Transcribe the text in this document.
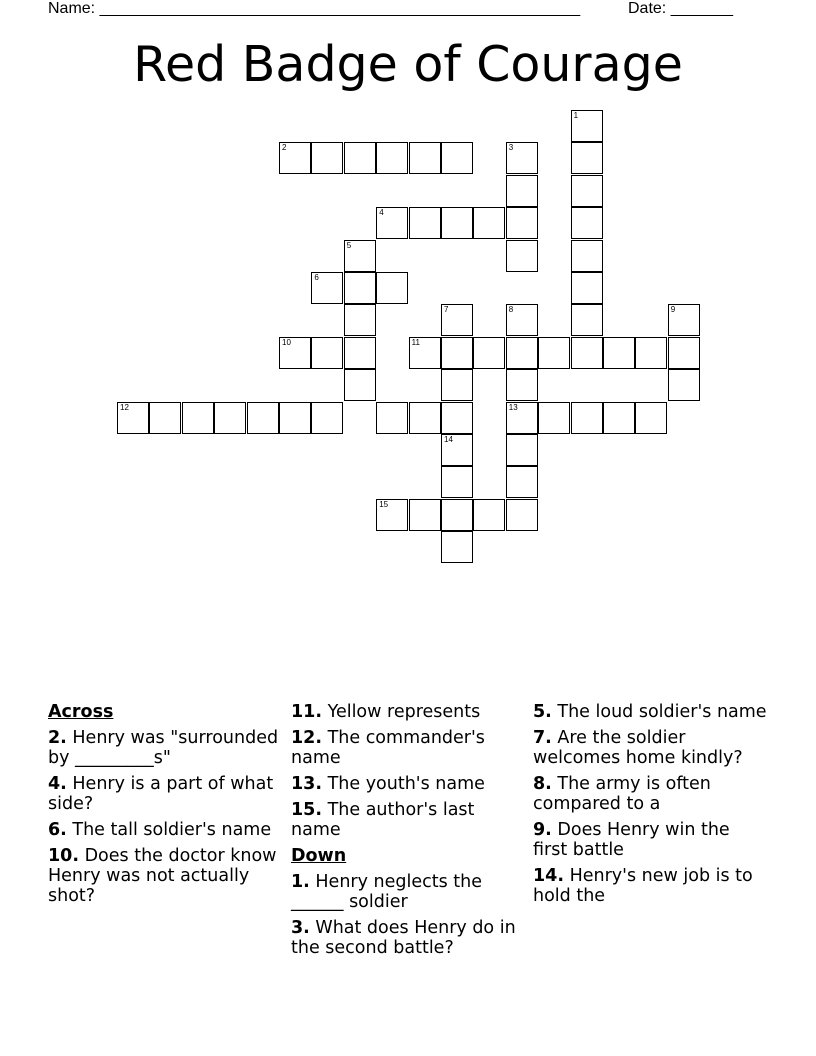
Name: ______________________________________________________	Date: _______
Red Badge of Courage
1
2	3
4
5
6
7
14
8
13
9
10	11
12
15
Across
2. Henry was "surrounded by _________s"
4. Henry is a part of what side?
6. The tall soldier's name
10. Does the doctor know Henry was not actually shot?
11. Yellow represents
12. The commander's name
13. The youth's name
15. The author's last name
Down
1. Henry neglects the ______ soldier
3. What does Henry do in the second battle?
5. The loud soldier's name
7. Are the soldier welcomes home kindly?
8. The army is often compared to a
9. Does Henry win the first battle
14. Henry's new job is to hold the
